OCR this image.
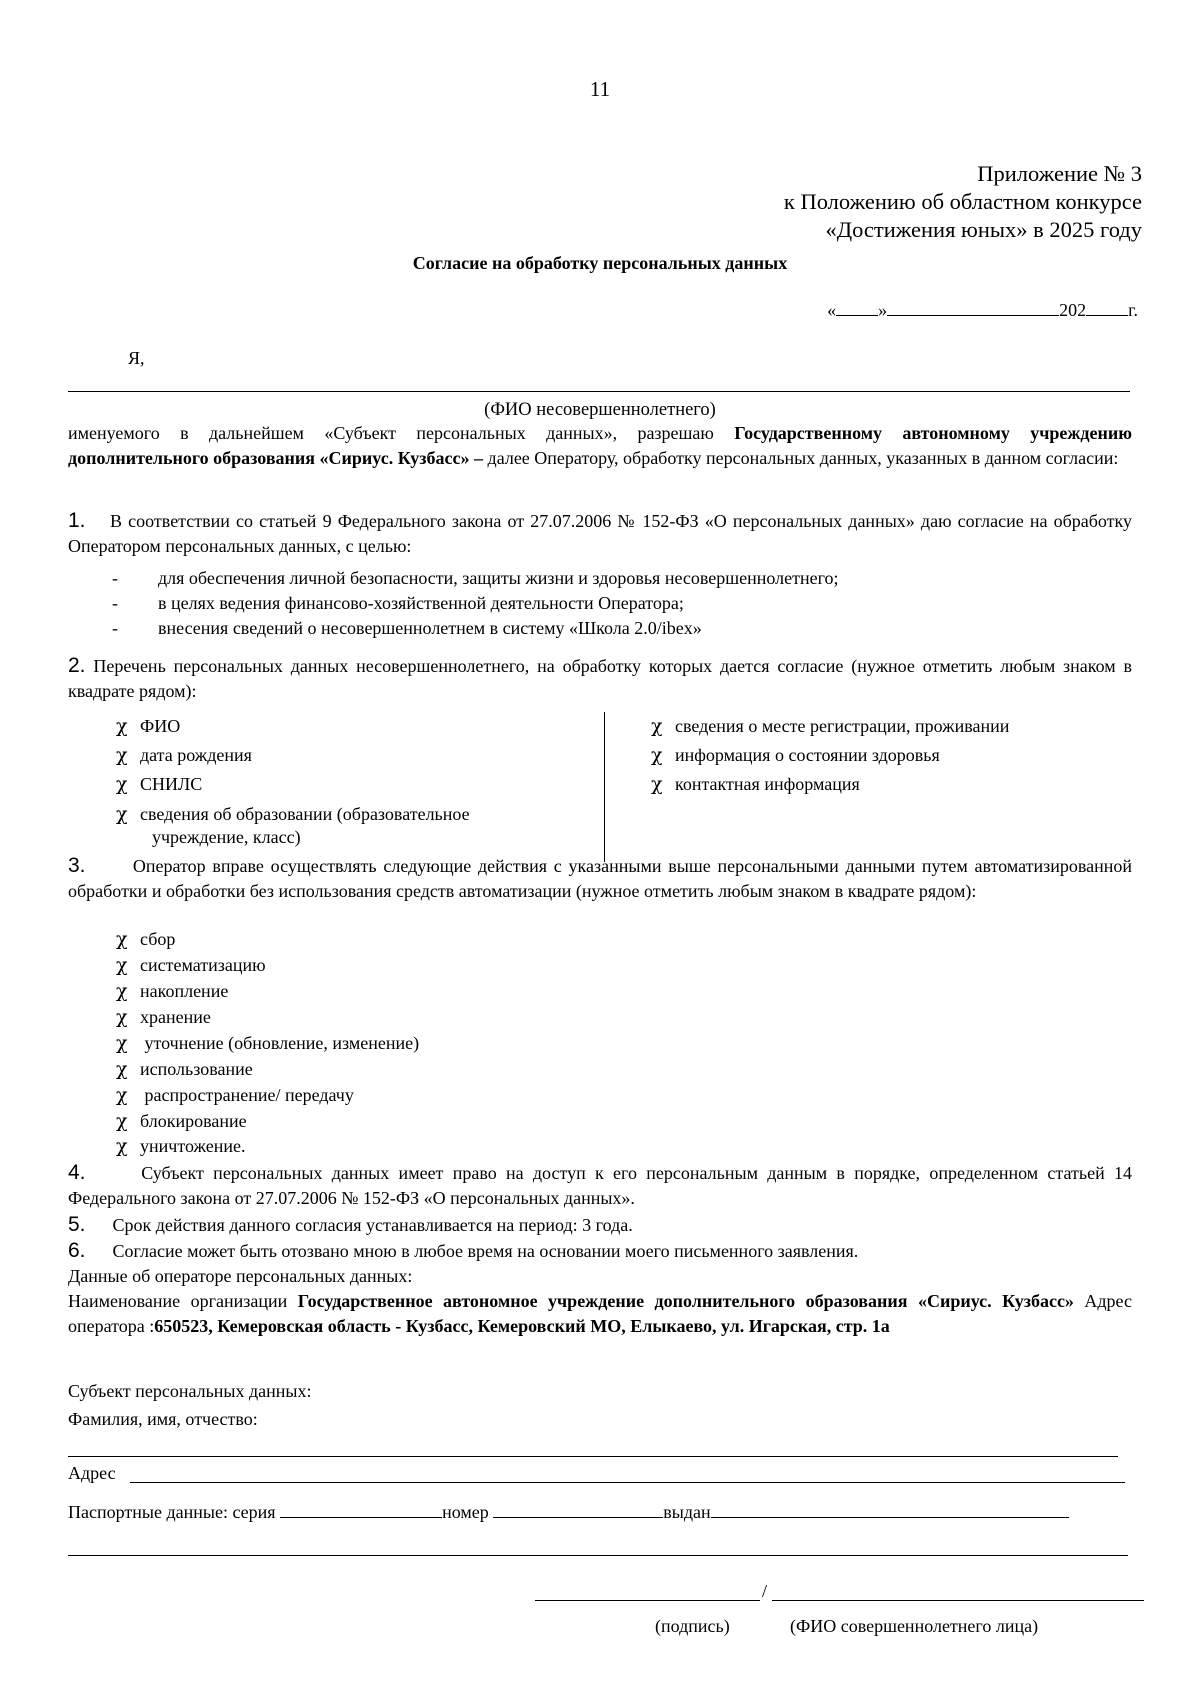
11
Приложение № 3
к Положению об областном конкурсе
«Достижения юных» в 2025 году
Согласие на обработку персональных данных
« »	202 г.
Я,
(ФИО несовершеннолетнего)
именуемого в дальнейшем «Субъект персональных данных», разрешаю Государственному автономному учреждению дополнительного образования «Сириус. Кузбасс» – далее Оператору, обработку персональных данных, указанных в данном согласии:
1. В соответствии со статьей 9 Федерального закона от 27.07.2006 № 152-ФЗ «О персональных данных» даю согласие на обработку Оператором персональных данных, с целью:
- для обеспечения личной безопасности, защиты жизни и здоровья несовершеннолетнего;
- в целях ведения финансово-хозяйственной деятельности Оператора;
- внесения сведений о несовершеннолетнем в систему «Школа 2.0/ibex»
2. Перечень персональных данных несовершеннолетнего, на обработку которых дается согласие (нужное отметить любым знаком в квадрате рядом):
χ ФИО
χ дата рождения
χ СНИЛС
χ сведения об образовании (образовательное
учреждение, класс)
χ сведения о месте регистрации, проживании
χ информация о состоянии здоровья
χ контактная информация
3.	Оператор вправе осуществлять следующие действия с указанными выше персональными данными путем автоматизированной обработки и обработки без использования средств автоматизации (нужное отметить любым знаком в квадрате рядом):
χ сбор
χ систематизацию
χ накопление
χ хранение
χ уточнение (обновление, изменение)
χ использование
χ распространение/ передачу
χ блокирование
χ уничтожение.
4.	Субъект персональных данных имеет право на доступ к его персональным данным в порядке, определенном статьей 14 Федерального закона от 27.07.2006 № 152-ФЗ «О персональных данных».
5. Срок действия данного согласия устанавливается на период: 3 года.
6. Согласие может быть отозвано мною в любое время на основании моего письменного заявления.
Данные об операторе персональных данных:
Наименование организации Государственное автономное учреждение дополнительного образования «Сириус. Кузбасс» Адрес оператора :650523, Кемеровская область - Кузбасс, Кемеровский МО, Елыкаево, ул. Игарская, стр. 1а
Субъект персональных данных:
Фамилия, имя, отчество:
Адрес
Паспортные данные: серия	номер	выдан
/
(подпись)	(ФИО совершеннолетнего лица)
